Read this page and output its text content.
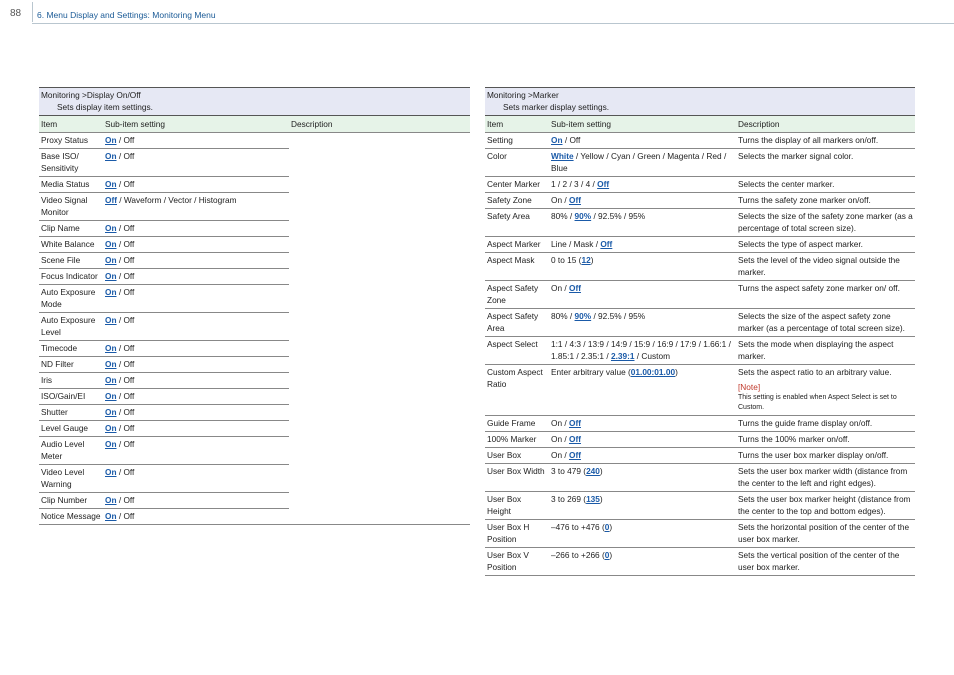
88 6. Menu Display and Settings: Monitoring Menu
Monitoring >Display On/Off
Sets display item settings.		

Item	Sub-item setting	Description
Proxy Status	On / Off	
Base ISO/ Sensitivity	On / Off	
Media Status	On / Off	
Video Signal Monitor	Off / Waveform / Vector / Histogram	
Clip Name	On / Off	
White Balance	On / Off	
Scene File	On / Off	
Focus Indicator	On / Off	
Auto Exposure Mode	On / Off	
Auto Exposure Level	On / Off	
Timecode	On / Off	
ND Filter	On / Off	
Iris	On / Off	
ISO/Gain/EI	On / Off	
Shutter	On / Off	
Level Gauge	On / Off	
Audio Level Meter	On / Off	
Video Level Warning	On / Off	
Clip Number	On / Off	
Notice Message	On / Off	
Monitoring >Marker
Sets marker display settings.		

Item	Sub-item setting	Description
Setting	On / Off	Turns the display of all markers on/off.

Color	White / Yellow / Cyan / Green / Magenta / Red / Blue	Selects the marker signal color.

Center Marker	1 / 2 / 3 / 4 / Off	Selects the center marker.

Safety Zone	On / Off	Turns the safety zone marker on/off.

Safety Area	80% / 90% / 92.5% / 95%	Selects the size of the safety zone marker (as a percentage of total screen size).

Aspect Marker	Line / Mask / Off	Selects the type of aspect marker.

Aspect Mask	0 to 15 (12)	Sets the level of the video signal outside the marker.

Aspect Safety Zone	On / Off	Turns the aspect safety zone marker on/ off.

Aspect Safety Area	80% / 90% / 92.5% / 95%	Selects the size of the aspect safety zone marker (as a percentage of total screen size).

Aspect Select	1:1 / 4:3 / 13:9 / 14:9 / 15:9 / 16:9 / 17:9 / 1.66:1 / 1.85:1 / 2.35:1 / 2.39:1 / Custom	Sets the mode when displaying the aspect marker.

Custom Aspect Ratio	Enter arbitrary value (01.00:01.00)	Sets the aspect ratio to an arbitrary value.
[Note]
This setting is enabled when Aspect Select is set to Custom.

Guide Frame	On / Off	Turns the guide frame display on/off.

100% Marker	On / Off	Turns the 100% marker on/off.

User Box	On / Off	Turns the user box marker display on/off.

User Box Width	3 to 479 (240)	Sets the user box marker width (distance from the center to the left and right edges).

User Box Height	3 to 269 (135)	Sets the user box marker height (distance from the center to the top and bottom edges).

User Box H Position	–476 to +476 (0)	Sets the horizontal position of the center of the user box marker.

User Box V Position	–266 to +266 (0)	Sets the vertical position of the center of the user box marker.
